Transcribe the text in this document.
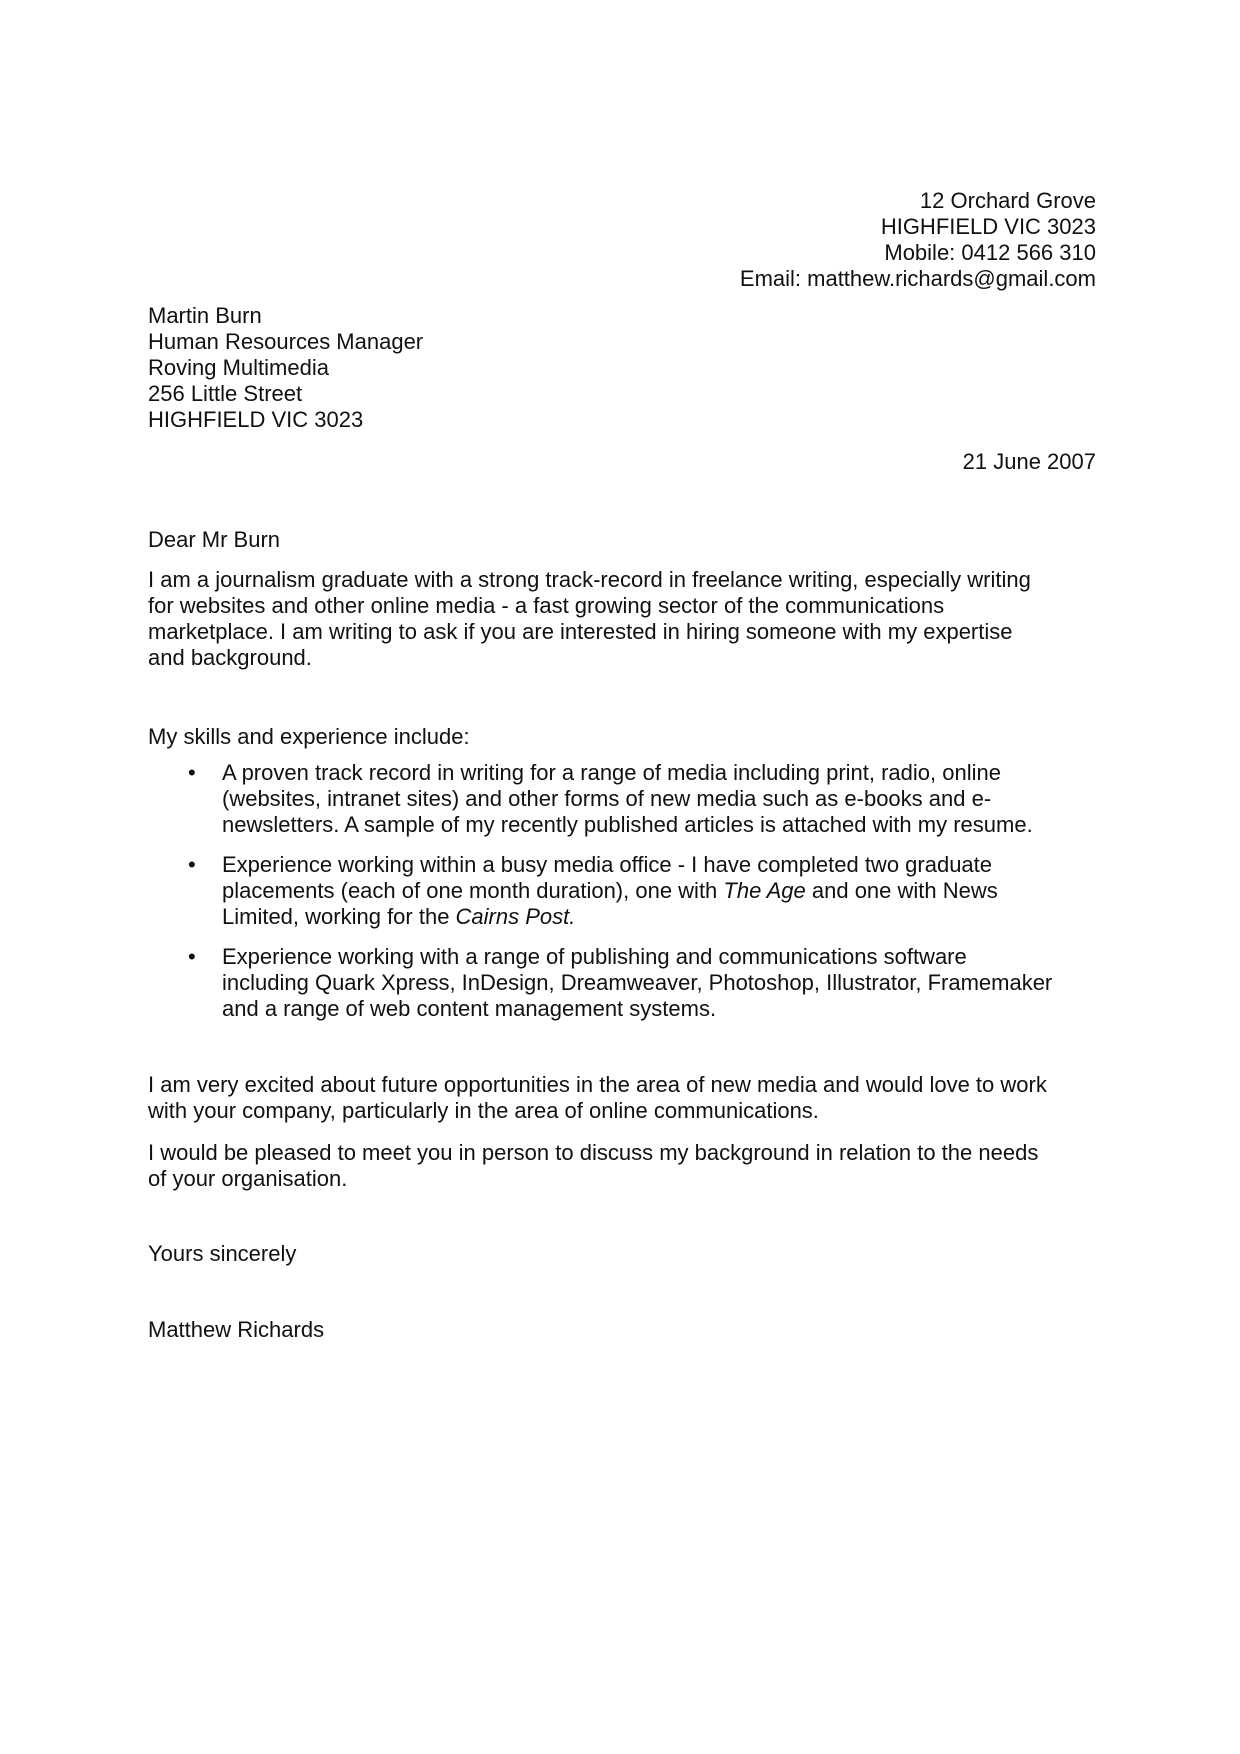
12 Orchard Grove
HIGHFIELD VIC 3023
Mobile: 0412 566 310
Email: matthew.richards@gmail.com
Martin Burn
Human Resources Manager
Roving Multimedia
256 Little Street
HIGHFIELD VIC 3023
21 June 2007
Dear Mr Burn
I am a journalism graduate with a strong track-record in freelance writing, especially writing
for websites and other online media - a fast growing sector of the communications
marketplace. I am writing to ask if you are interested in hiring someone with my expertise
and background.
My skills and experience include:
• A proven track record in writing for a range of media including print, radio, online
(websites, intranet sites) and other forms of new media such as e-books and e-
newsletters. A sample of my recently published articles is attached with my resume.
• Experience working within a busy media office - I have completed two graduate
placements (each of one month duration), one with The Age and one with News
Limited, working for the Cairns Post.
• Experience working with a range of publishing and communications software
including Quark Xpress, InDesign, Dreamweaver, Photoshop, Illustrator, Framemaker
and a range of web content management systems.
I am very excited about future opportunities in the area of new media and would love to work
with your company, particularly in the area of online communications.
I would be pleased to meet you in person to discuss my background in relation to the needs
of your organisation.
Yours sincerely
Matthew Richards
